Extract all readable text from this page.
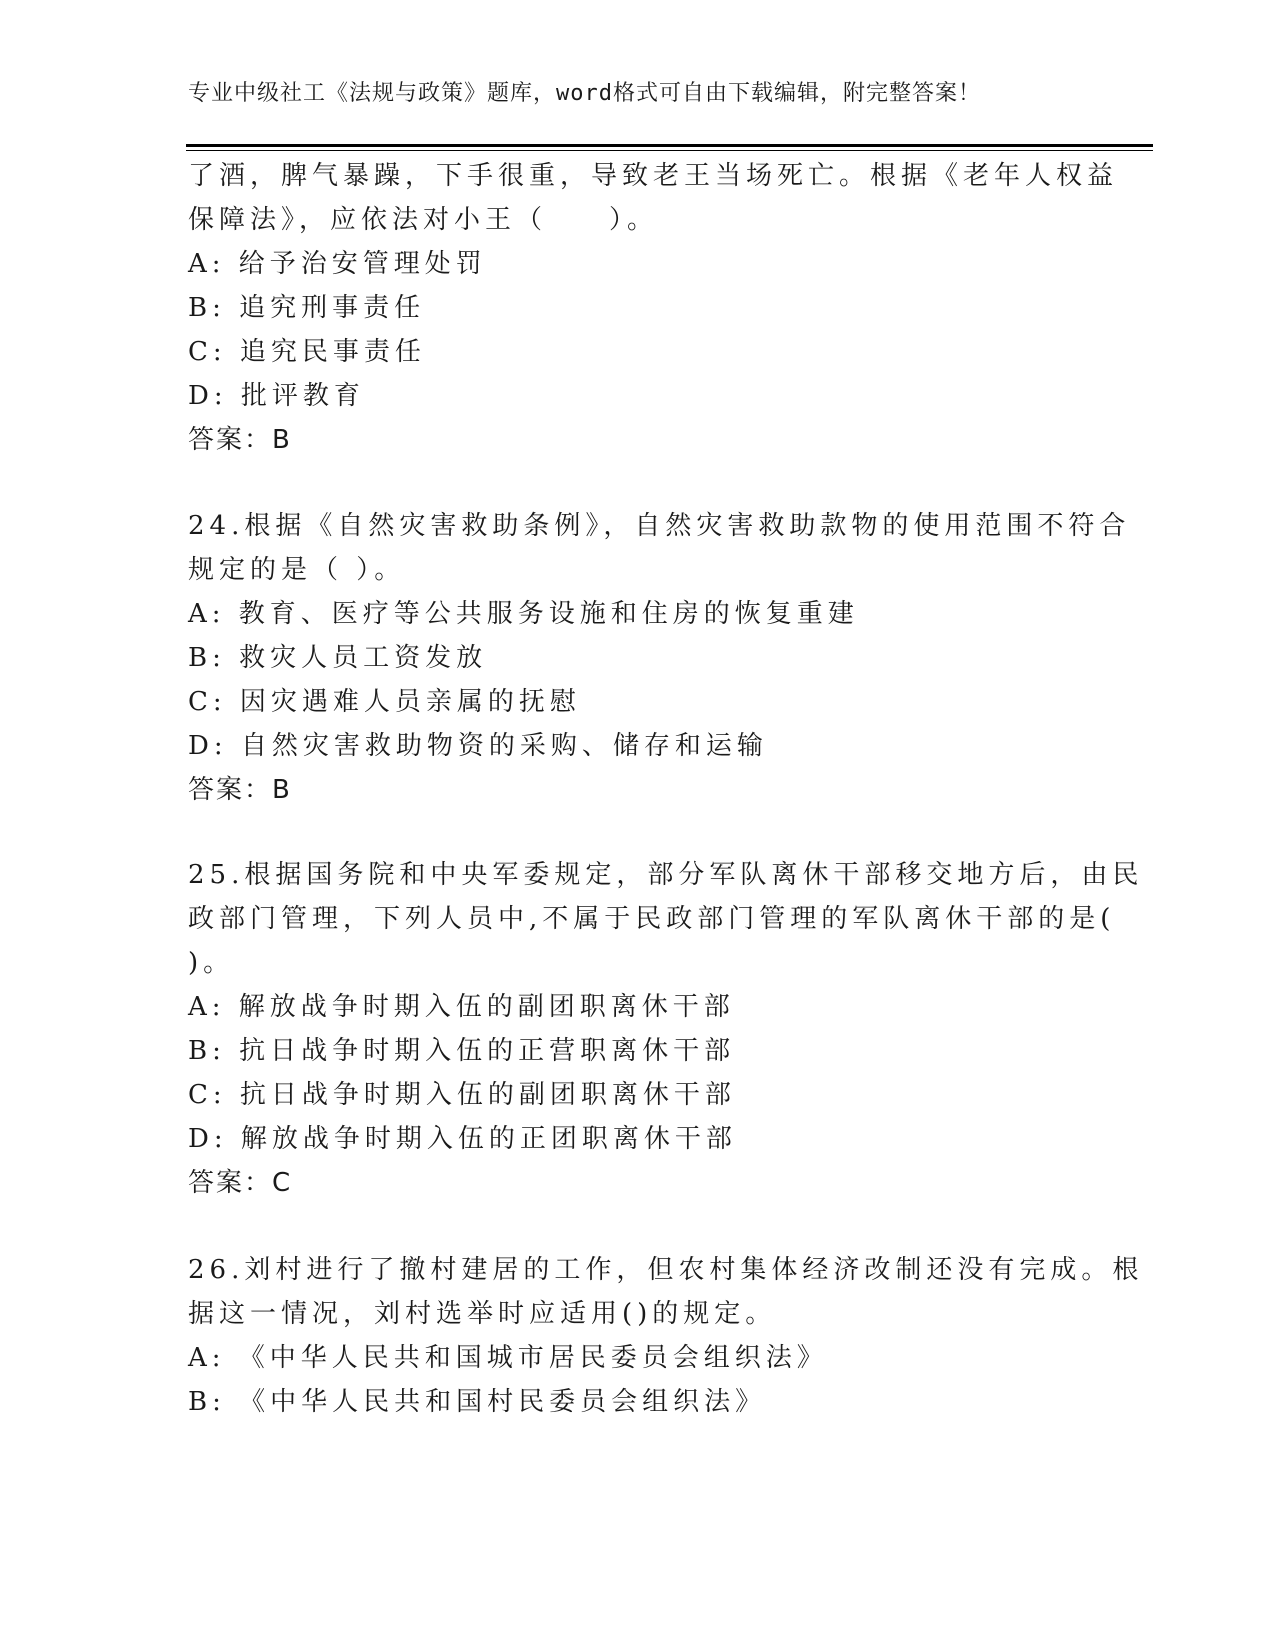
专业中级社工《法规与政策》题库，word格式可自由下载编辑，附完整答案！
了酒，脾气暴躁，下手很重，导致老王当场死亡。根据《老年人权益
保障法》，应依法对小王（　　）。
A: 给予治安管理处罚
B: 追究刑事责任
C: 追究民事责任
D: 批评教育
答案：B
24.根据《自然灾害救助条例》，自然灾害救助款物的使用范围不符合
规定的是（ ）。
A: 教育、医疗等公共服务设施和住房的恢复重建
B: 救灾人员工资发放
C: 因灾遇难人员亲属的抚慰
D: 自然灾害救助物资的采购、储存和运输
答案：B
25.根据国务院和中央军委规定，部分军队离休干部移交地方后，由民
政部门管理，下列人员中,不属于民政部门管理的军队离休干部的是(
)。
A: 解放战争时期入伍的副团职离休干部
B: 抗日战争时期入伍的正营职离休干部
C: 抗日战争时期入伍的副团职离休干部
D: 解放战争时期入伍的正团职离休干部
答案：C
26.刘村进行了撤村建居的工作，但农村集体经济改制还没有完成。根
据这一情况，刘村选举时应适用()的规定。
A: 《中华人民共和国城市居民委员会组织法》
B: 《中华人民共和国村民委员会组织法》
